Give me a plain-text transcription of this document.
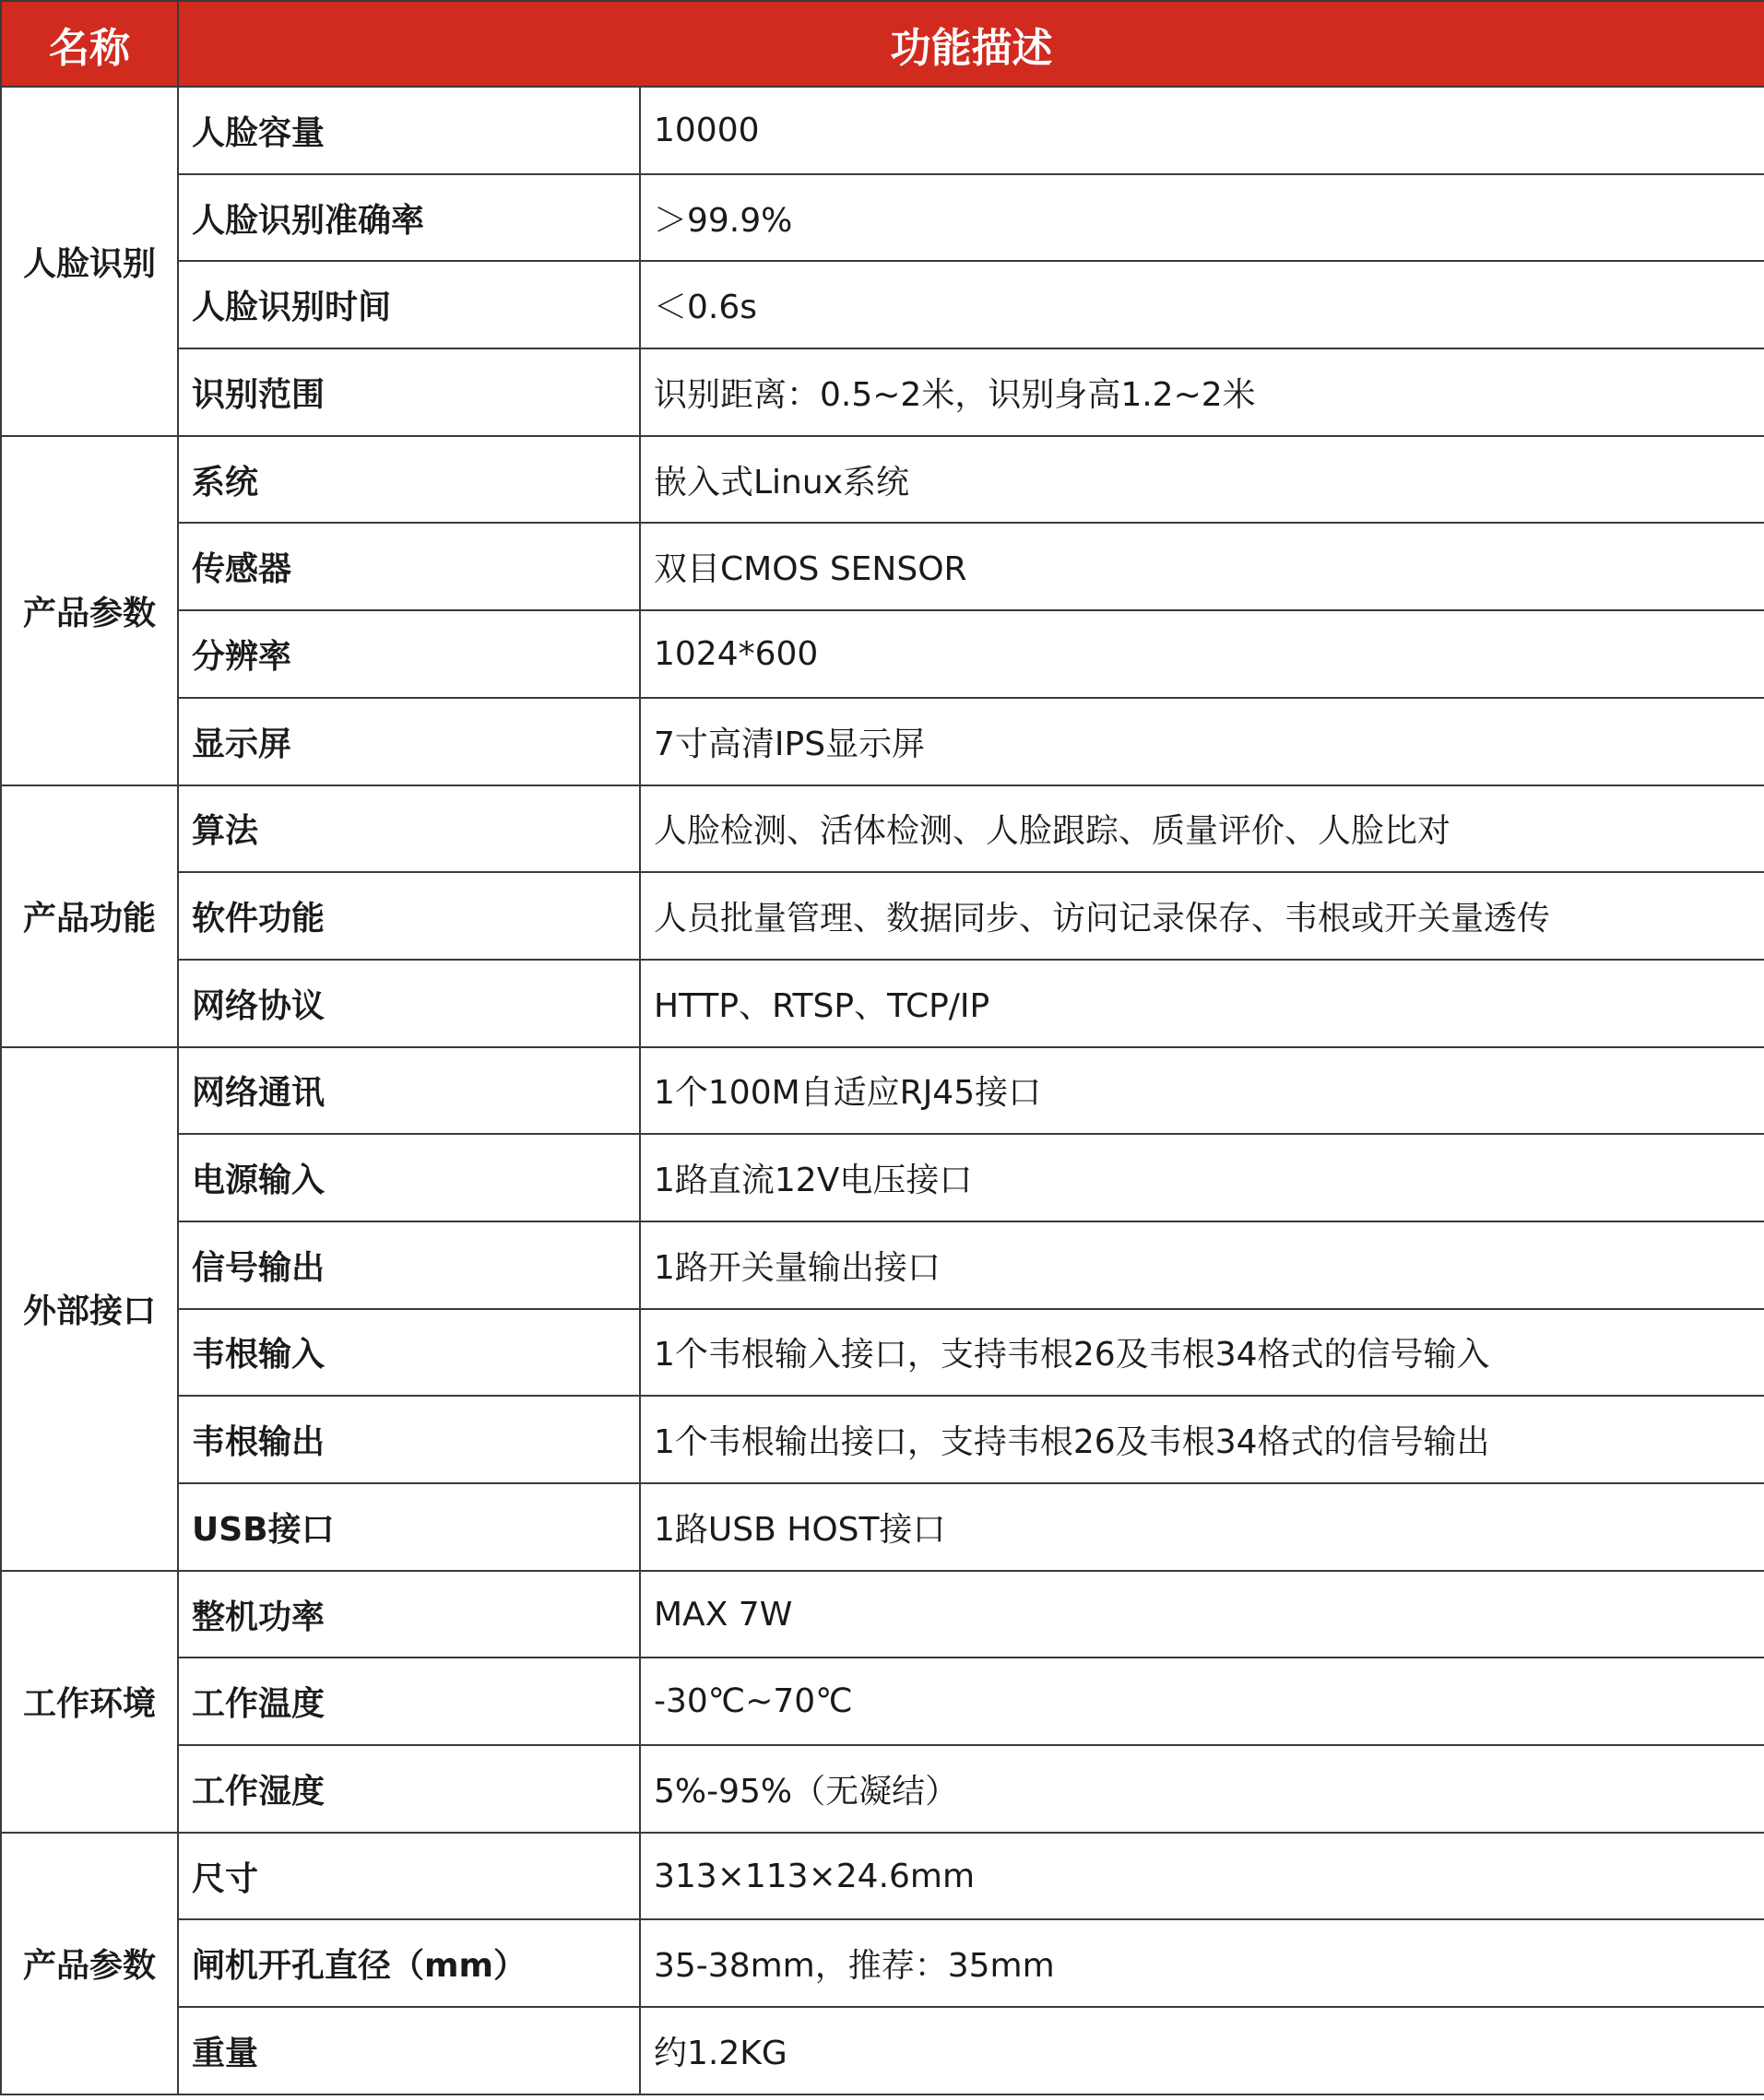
名称	功能描述	
人脸识别	人脸容量	10000
	人脸识别准确率	＞99.9%
	人脸识别时间	＜0.6s
	识别范围	识别距离：0.5~2米，识别身高1.2~2米
产品参数	系统	嵌入式Linux系统
	传感器	双目CMOS SENSOR
	分辨率	1024*600
	显示屏	7寸高清IPS显示屏
产品功能	算法	人脸检测、活体检测、人脸跟踪、质量评价、人脸比对
	软件功能	人员批量管理、数据同步、访问记录保存、韦根或开关量透传
	网络协议	HTTP、RTSP、TCP/IP
外部接口	网络通讯	1个100M自适应RJ45接口
	电源输入	1路直流12V电压接口
	信号输出	1路开关量输出接口
	韦根输入	1个韦根输入接口，支持韦根26及韦根34格式的信号输入
	韦根输出	1个韦根输出接口，支持韦根26及韦根34格式的信号输出
	USB接口	1路USB HOST接口
工作环境	整机功率	MAX 7W
	工作温度	-30℃~70℃
	工作湿度	5%-95%（无凝结）
产品参数	尺寸	313×113×24.6mm
	闸机开孔直径（mm）	35-38mm，推荐：35mm
	重量	约1.2KG
